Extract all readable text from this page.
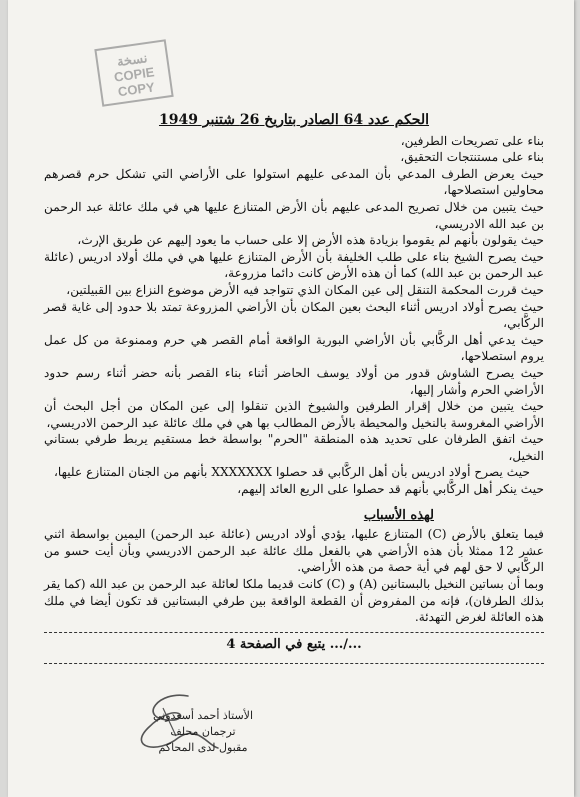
نسخة
COPIE
COPY
الحكم عدد 64 الصادر بتاريخ 26 شتنبر 1949

بناء على تصريحات الطرفين،

بناء على مستنتجات التحقيق،

حيث يعرض الطرف المدعي بأن المدعى عليهم استولوا على الأراضي التي تشكل حرم قصرهم محاولين استصلاحها،

حيث يتبين من خلال تصريح المدعى عليهم بأن الأرض المتنازع عليها هي في ملك عائلة عبد الرحمن بن عبد الله الادريسي،

حيث يقولون بأنهم لم يقوموا بزيادة هذه الأرض إلا على حساب ما يعود إليهم عن طريق الإرث،

حيث يصرح الشيخ بناء على طلب الخليفة بأن الأرض المتنازع عليها هي في ملك أولاد ادريس (عائلة عبد الرحمن بن عبد الله) كما أن هذه الأرض كانت دائما مزروعة،

حيث قررت المحكمة التنقل إلى عين المكان الذي تتواجد فيه الأرض موضوع النزاع بين القبيلتين،

حيث يصرح أولاد ادريس أثناء البحث بعين المكان بأن الأراضي المزروعة تمتد بلا حدود إلى غاية قصر الركَّابي،

حيث يدعي أهل الركَّابي بأن الأراضي البورية الواقعة أمام القصر هي حرم وممنوعة من كل عمل يروم استصلاحها،

حيث يصرح الشاوش قدور من أولاد يوسف الحاضر أثناء بناء القصر بأنه حضر أثناء رسم حدود الأراضي الحرم وأشار إليها،

حيث يتبين من خلال إقرار الطرفين والشيوخ الذين تنقلوا إلى عين المكان من أجل البحث أن الأراضي المغروسة بالنخيل والمحيطة بالأرض المطالب بها هي في ملك عائلة عبد الرحمن الادريسي،

حيث اتفق الطرفان على تحديد هذه المنطقة "الحرم" بواسطة خط مستقيم يربط طرفي بستاني النخيل،

حيث يصرح أولاد ادريس بأن أهل الركَّابي قد حصلوا XXXXXXX بأنهم من الجنان المتنازع عليها،

حيث ينكر أهل الركَّابي بأنهم قد حصلوا على الريع العائد إليهم،

لهذه الأسباب

فيما يتعلق بالأرض (C) المتنازع عليها، يؤدي أولاد ادريس (عائلة عبد الرحمن) اليمين بواسطة اثني عشر 12 ممثلا بأن هذه الأراضي هي بالفعل ملك عائلة عبد الرحمن الادريسي وبأن أيت حسو من الركَّابي لا حق لهم في أية حصة من هذه الأراضي.

وبما أن بساتين النخيل بالبستانين (A) و (C) كانت قديما ملكا لعائلة عبد الرحمن بن عبد الله (كما يقر بذلك الطرفان)، فإنه من المفروض أن القطعة الواقعة بين طرفي البستانين قد تكون أيضا في ملك هذه العائلة لغرض التهدئة.

.../... يتبع في الصفحة 4
الأستاذ أحمد أسعدوني
ترجمان محلف
مقبول لدى المحاكم
